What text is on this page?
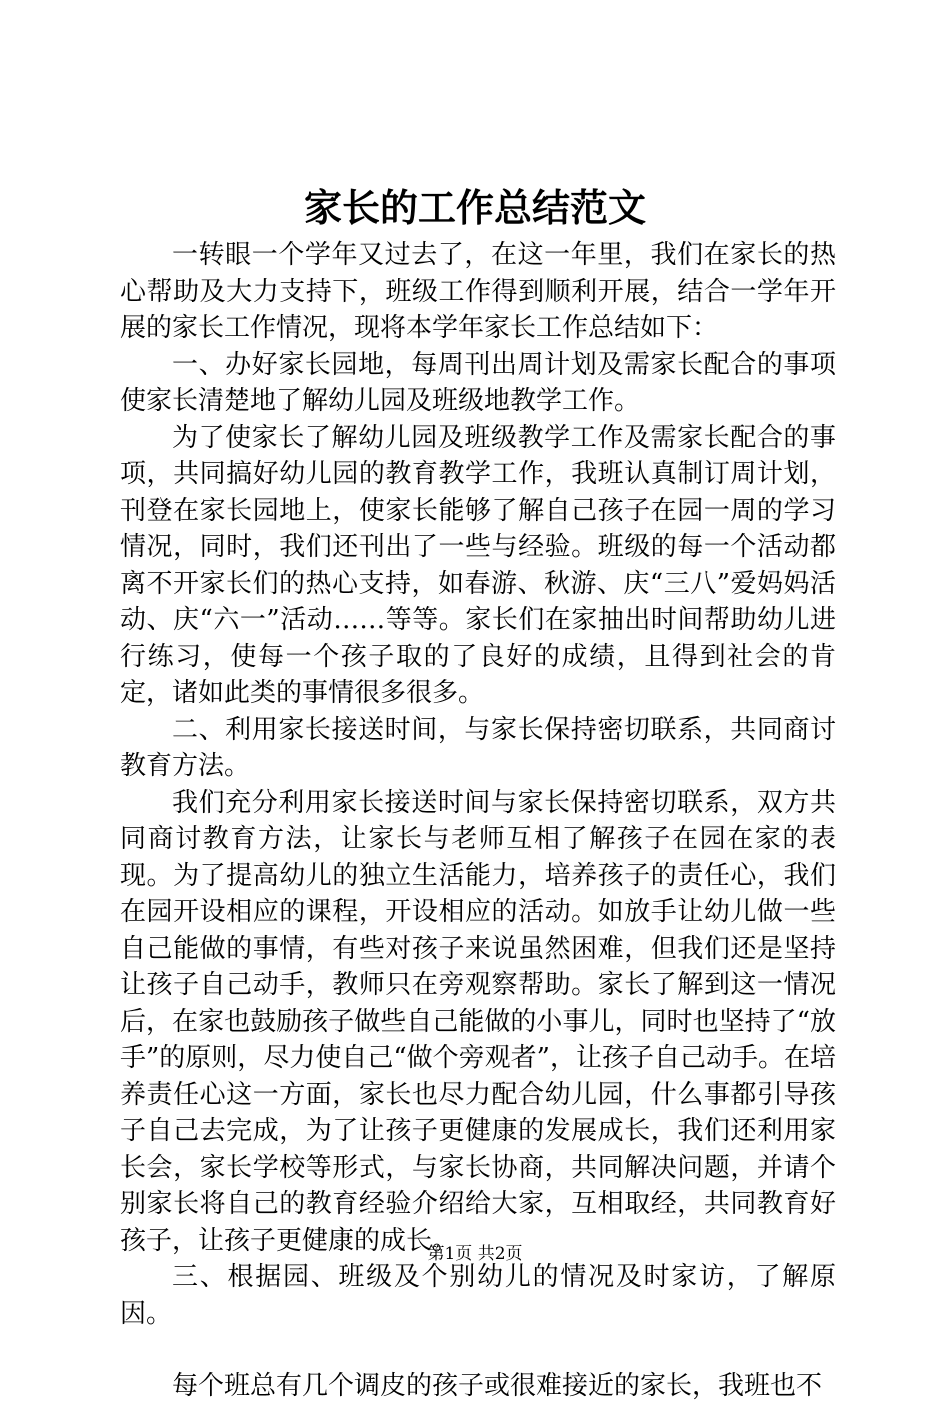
家长的工作总结范文

一转眼一个学年又过去了，在这一年里，我们在家长的热心帮助及大力支持下，班级工作得到顺利开展，结合一学年开展的家长工作情况，现将本学年家长工作总结如下：

一、办好家长园地，每周刊出周计划及需家长配合的事项使家长清楚地了解幼儿园及班级地教学工作。

为了使家长了解幼儿园及班级教学工作及需家长配合的事项，共同搞好幼儿园的教育教学工作，我班认真制订周计划，刊登在家长园地上，使家长能够了解自己孩子在园一周的学习情况，同时，我们还刊出了一些与经验。班级的每一个活动都离不开家长们的热心支持，如春游、秋游、庆“三八”爱妈妈活动、庆“六一”活动……等等。家长们在家抽出时间帮助幼儿进行练习，使每一个孩子取的了良好的成绩，且得到社会的肯定，诸如此类的事情很多很多。

二、利用家长接送时间，与家长保持密切联系，共同商讨教育方法。

我们充分利用家长接送时间与家长保持密切联系，双方共同商讨教育方法，让家长与老师互相了解孩子在园在家的表现。为了提高幼儿的独立生活能力，培养孩子的责任心，我们在园开设相应的课程，开设相应的活动。如放手让幼儿做一些自己能做的事情，有些对孩子来说虽然困难，但我们还是坚持让孩子自己动手，教师只在旁观察帮助。家长了解到这一情况后，在家也鼓励孩子做些自己能做的小事儿，同时也坚持了“放手”的原则，尽力使自己“做个旁观者”，让孩子自己动手。在培养责任心这一方面，家长也尽力配合幼儿园，什么事都引导孩子自己去完成，为了让孩子更健康的发展成长，我们还利用家长会，家长学校等形式，与家长协商，共同解决问题，并请个别家长将自己的教育经验介绍给大家，互相取经，共同教育好孩子，让孩子更健康的成长。

三、根据园、班级及个别幼儿的情况及时家访，了解原因。

每个班总有几个调皮的孩子或很难接近的家长，我班也不

第1页 共2页
